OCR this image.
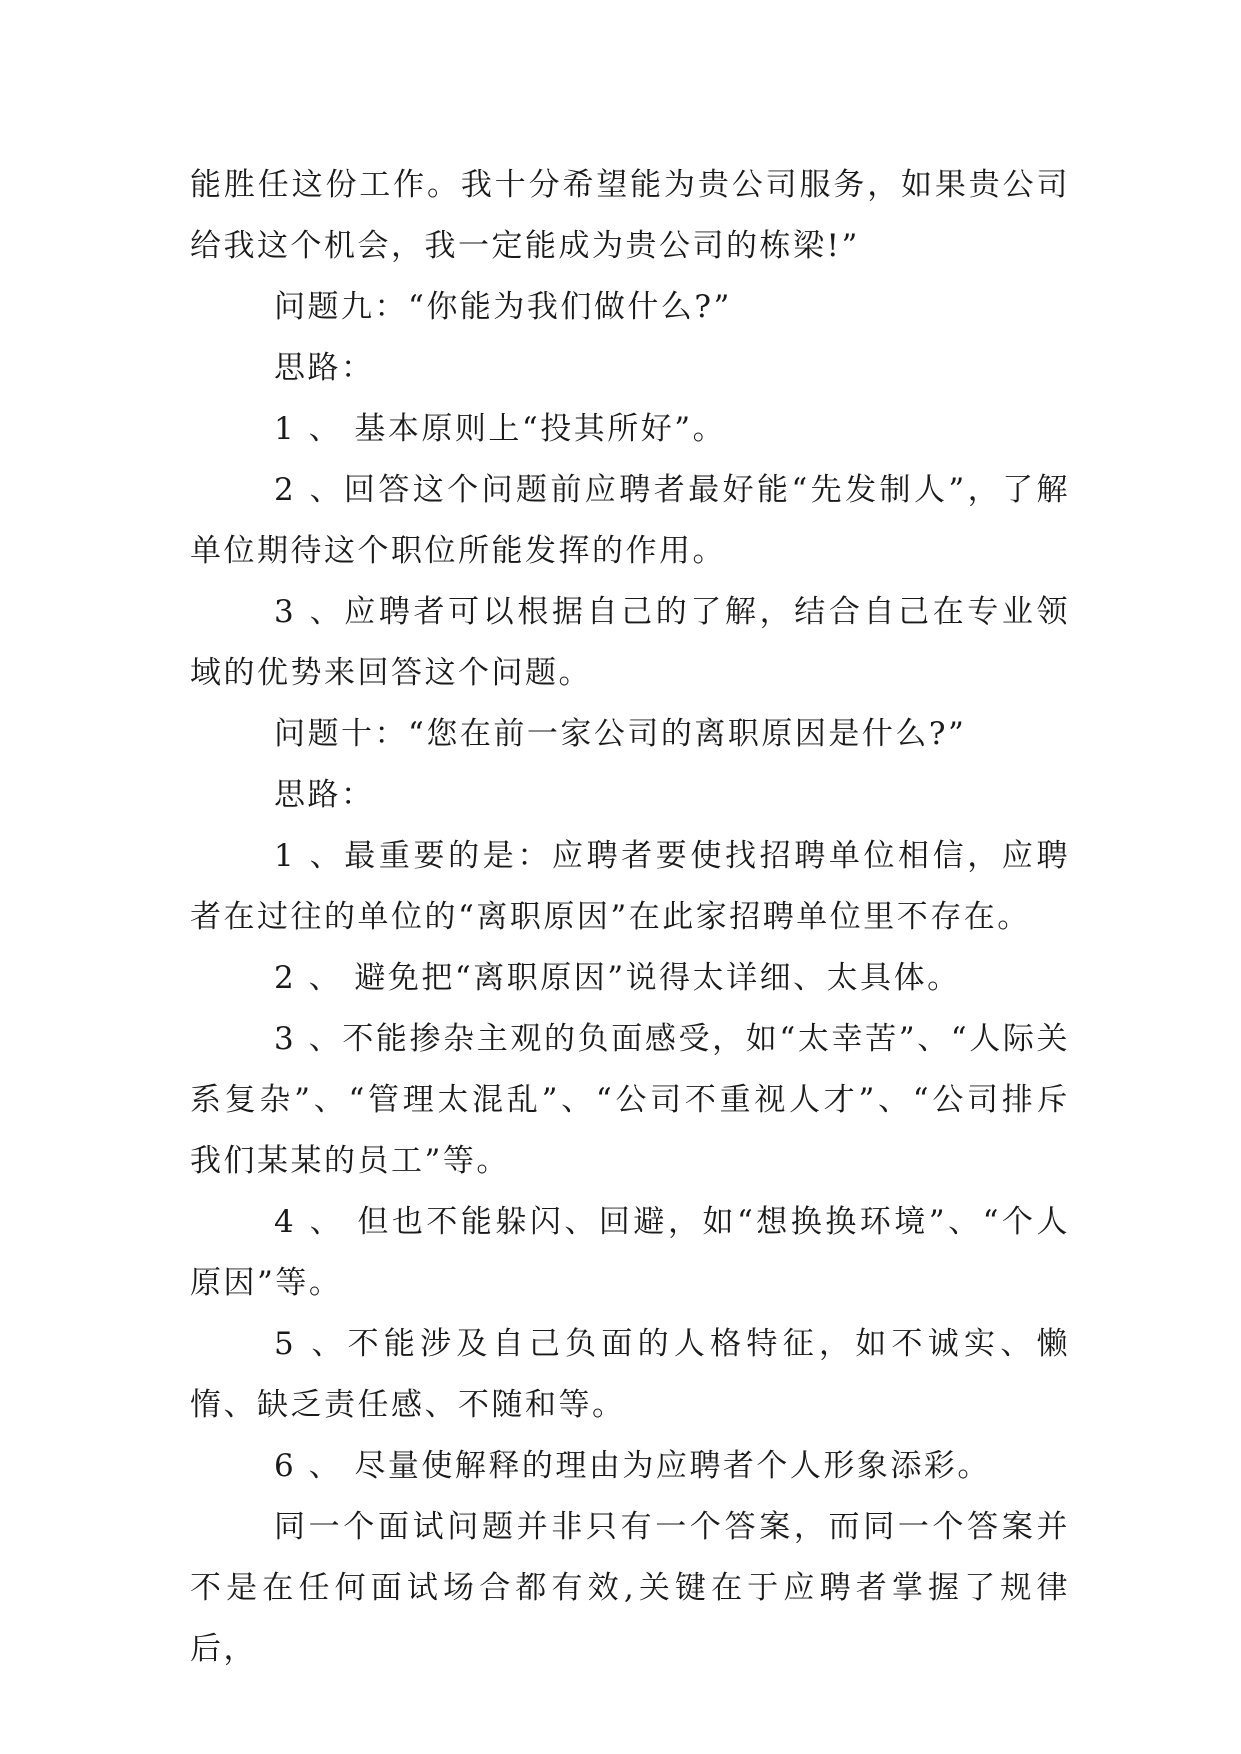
能胜任这份工作。我十分希望能为贵公司服务，如果贵公司给我这个机会，我一定能成为贵公司的栋梁!”

问题九：“你能为我们做什么?”

思路：

1 、 基本原则上“投其所好”。

2 、回答这个问题前应聘者最好能“先发制人”，了解单位期待这个职位所能发挥的作用。

3 、应聘者可以根据自己的了解，结合自己在专业领域的优势来回答这个问题。

问题十：“您在前一家公司的离职原因是什么?”

思路：

1 、最重要的是：应聘者要使找招聘单位相信，应聘者在过往的单位的“离职原因”在此家招聘单位里不存在。

2 、 避免把“离职原因”说得太详细、太具体。

3 、不能掺杂主观的负面感受，如“太幸苦”、“人际关系复杂”、“管理太混乱”、“公司不重视人才”、“公司排斥我们某某的员工”等。

4 、 但也不能躲闪、回避，如“想换换环境”、“个人原因”等。

5 、不能涉及自己负面的人格特征，如不诚实、懒惰、缺乏责任感、不随和等。

6 、 尽量使解释的理由为应聘者个人形象添彩。

同一个面试问题并非只有一个答案，而同一个答案并不是在任何面试场合都有效,关键在于应聘者掌握了规律后，
